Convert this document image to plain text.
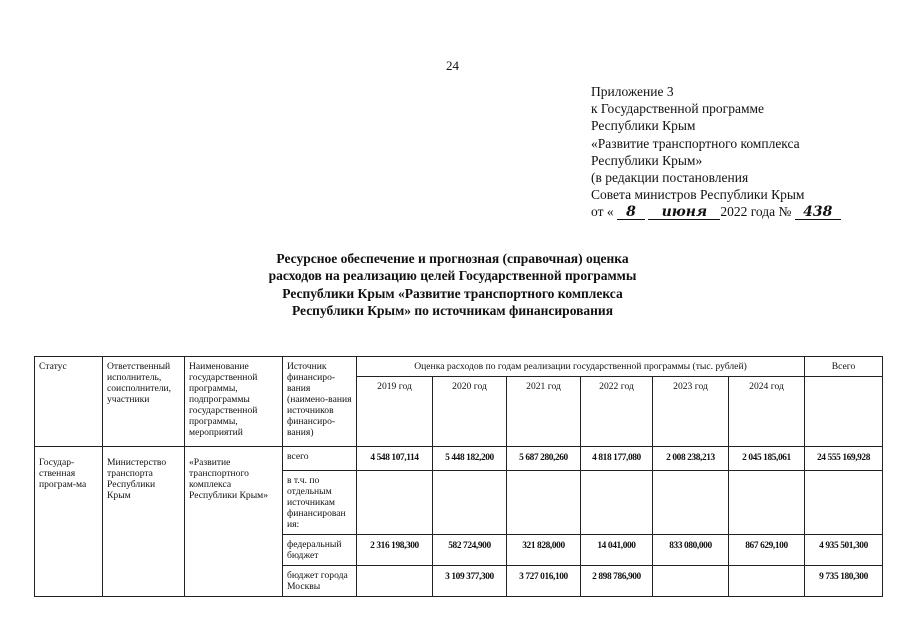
24
Приложение 3
к Государственной программе
Республики Крым
«Развитие транспортного комплекса
Республики Крым»
(в редакции постановления
Совета министров Республики Крым
от « 8 июня 2022 года № 438
Ресурсное обеспечение и прогнозная (справочная) оценка
расходов на реализацию целей Государственной программы
Республики Крым «Развитие транспортного комплекса
Республики Крым» по источникам финансирования
Статус	Ответственный исполнитель, соисполнители, участники	Наименование государственной программы, подпрограммы государственной программы, мероприятий	Источник финансиро-вания (наимено-вания источников финансиро-вания)	Оценка расходов по годам реализации государственной программы (тыс. рублей)						Всего
				2019 год	2020 год	2021 год	2022 год	2023 год	2024 год	
Государ-ственная програм-ма	Министерство транспорта Республики Крым	«Развитие транспортного комплекса Республики Крым»	всего	4 548 107,114	5 448 182,200	5 687 280,260	4 818 177,080	2 008 238,213	2 045 185,061	24 555 169,928
			в т.ч. по отдельным источникам финансирован ия:							
			федеральный бюджет	2 316 198,300	582 724,900	321 828,000	14 041,000	833 080,000	867 629,100	4 935 501,300
			бюджет города Москвы		3 109 377,300	3 727 016,100	2 898 786,900			9 735 180,300
